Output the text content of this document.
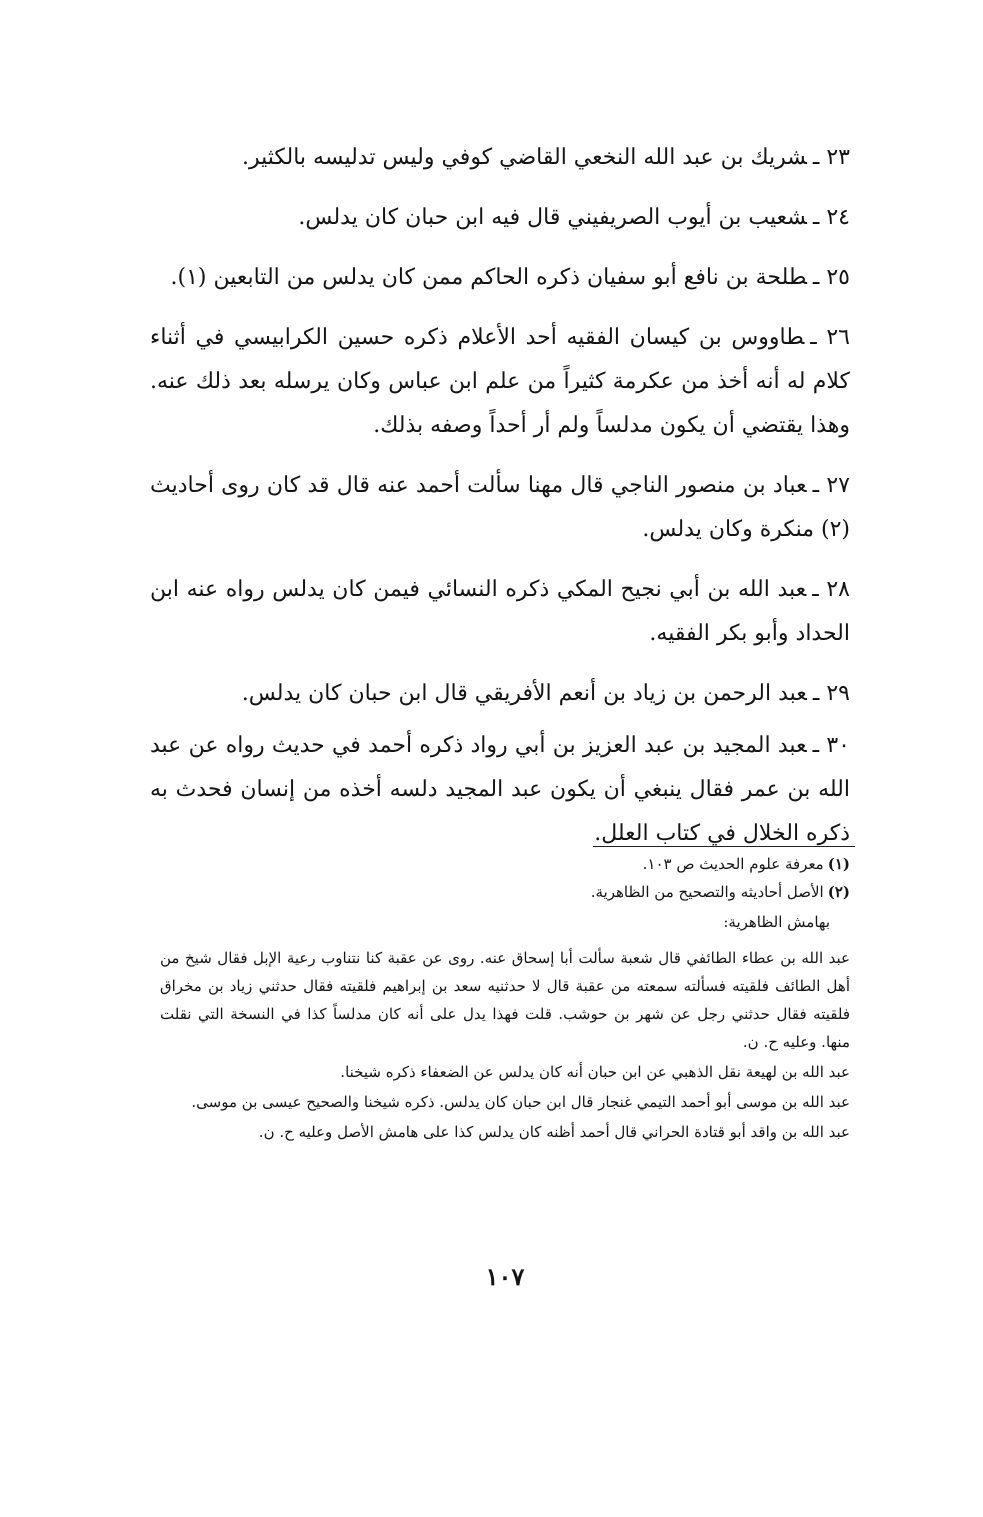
٢٣ ـشريك بن عبد الله النخعي القاضي كوفي وليس تدليسه بالكثير.

٢٤ ـشعيب بن أيوب الصريفيني قال فيه ابن حبان كان يدلس.

٢٥ ـطلحة بن نافع أبو سفيان ذكره الحاكم ممن كان يدلس من التابعين (١).

٢٦ ـطاووس بن كيسان الفقيه أحد الأعلام ذكره حسين الكرابيسي في أثناء كلام له أنه أخذ من عكرمة كثيراً من علم ابن عباس وكان يرسله بعد ذلك عنه. وهذا يقتضي أن يكون مدلساً ولم أر أحداً وصفه بذلك.

٢٧ ـعباد بن منصور الناجي قال مهنا سألت أحمد عنه قال قد كان روى أحاديث (٢) منكرة وكان يدلس.

٢٨ ـعبد الله بن أبي نجيح المكي ذكره النسائي فيمن كان يدلس رواه عنه ابن الحداد وأبو بكر الفقيه.

٢٩ ـعبد الرحمن بن زياد بن أنعم الأفريقي قال ابن حبان كان يدلس.

٣٠ ـعبد المجيد بن عبد العزيز بن أبي رواد ذكره أحمد في حديث رواه عن عبد الله بن عمر فقال ينبغي أن يكون عبد المجيد دلسه أخذه من إنسان فحدث به ذكره الخلال في كتاب العلل.

(١)معرفة علوم الحديث ص ١٠٣.

(٢)الأصل أحاديثه والتصحيح من الظاهرية.

بهامش الظاهرية:

عبد الله بن عطاء الطائفي قال شعبة سألت أبا إسحاق عنه. روى عن عقبة كنا نتناوب رعية الإبل فقال شيخ من أهل الطائف فلقيته فسألته سمعته من عقبة قال لا حدثنيه سعد بن إبراهيم فلقيته فقال حدثني زياد بن مخراق فلقيته فقال حدثني رجل عن شهر بن حوشب. قلت فهذا يدل على أنه كان مدلساً كذا في النسخة التي نقلت منها. وعليه ح. ن.

عبد الله بن لهيعة نقل الذهبي عن ابن حبان أنه كان يدلس عن الضعفاء ذكره شيخنا.

عبد الله بن موسى أبو أحمد التيمي غنجار قال ابن حبان كان يدلس. ذكره شيخنا والصحيح عيسى بن موسى.

عبد الله بن واقد أبو قتادة الحراني قال أحمد أظنه كان يدلس كذا على هامش الأصل وعليه ح. ن.

١٠٧
